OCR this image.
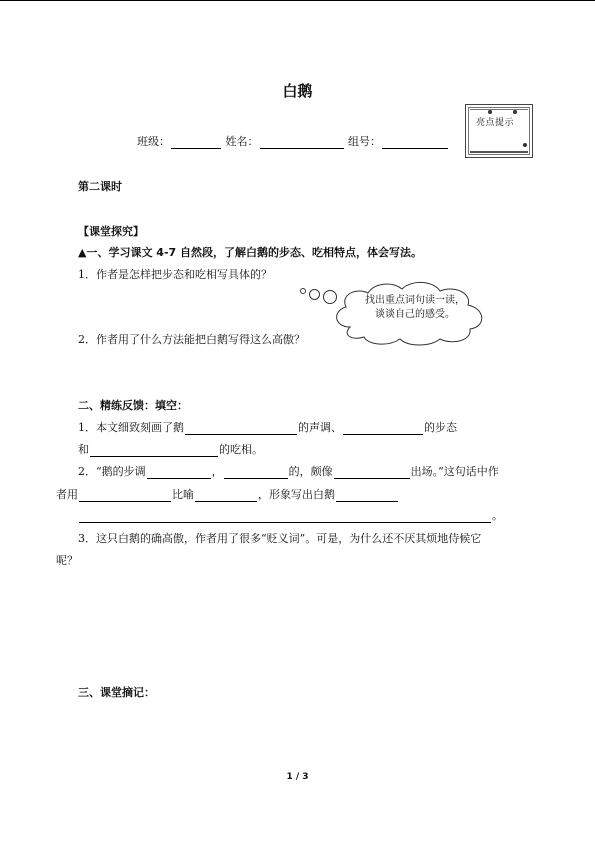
白鹅
班级：	姓名：	组号：
亮点提示
第二课时
【课堂探究】
▲一、学习课文 4-7 自然段，了解白鹅的步态、吃相特点，体会写法。
1．作者是怎样把步态和吃相写具体的？
2．作者用了什么方法能把白鹅写得这么高傲？
找出重点词句读一读，谈谈自己的感受。
二、精练反馈：填空：
1．本文细致刻画了鹅	的声调、	的步态
和	的吃相。
2．“鹅的步调	，	的，颇像	出场。”这句话中作
者用	比喻	，形象写出白鹅
。
3．这只白鹅的确高傲，作者用了很多“贬义词”。可是，为什么还不厌其烦地侍候它
呢？
三、课堂摘记：
1 / 3
